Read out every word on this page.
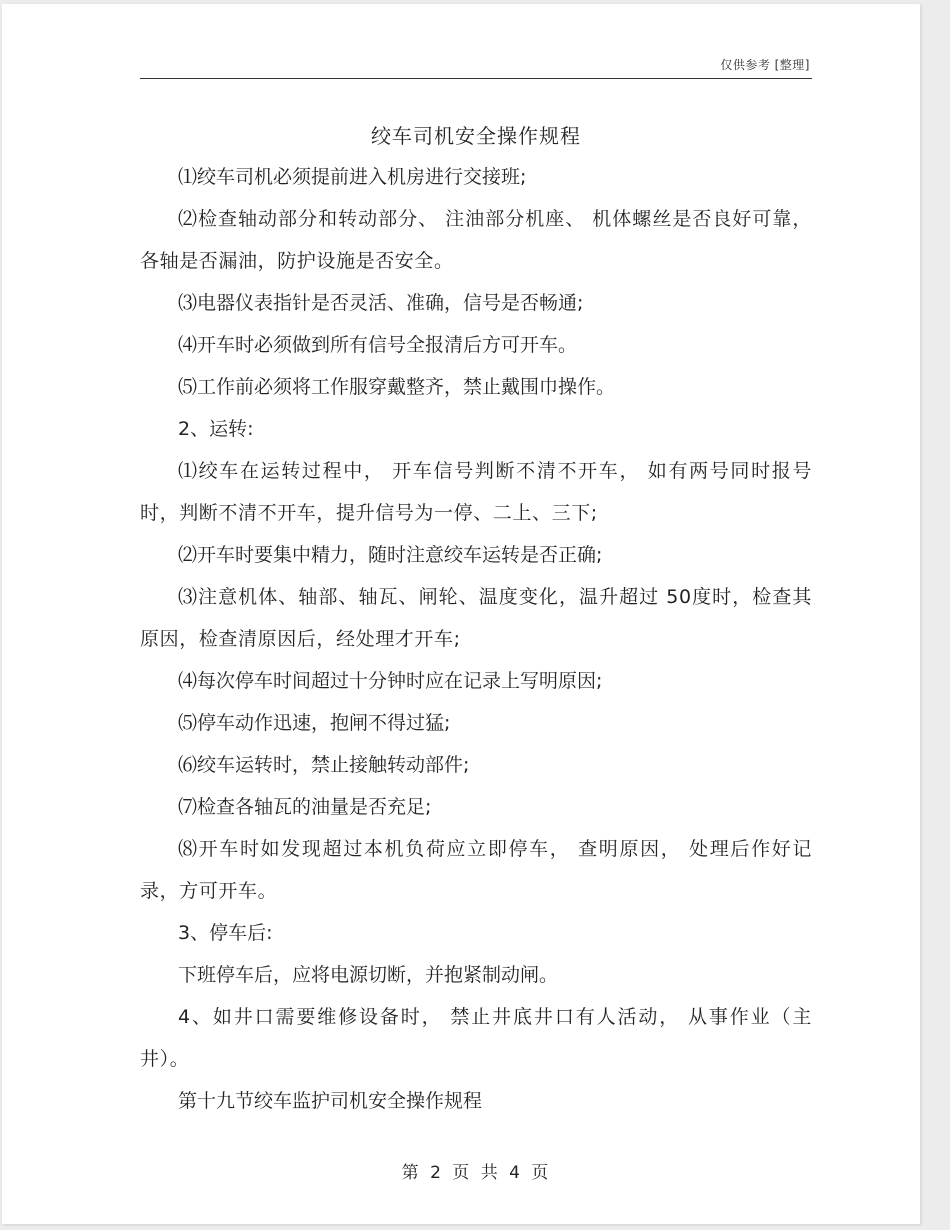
仅供参考 [整理]
绞车司机安全操作规程

⑴绞车司机必须提前进入机房进行交接班;

⑵检查轴动部分和转动部分、 注油部分机座、 机体螺丝是否良好可靠，各轴是否漏油，防护设施是否安全。

⑶电器仪表指针是否灵活、准确，信号是否畅通;

⑷开车时必须做到所有信号全报清后方可开车。

⑸工作前必须将工作服穿戴整齐，禁止戴围巾操作。

2、运转:

⑴绞车在运转过程中， 开车信号判断不清不开车， 如有两号同时报号时，判断不清不开车，提升信号为一停、二上、三下;

⑵开车时要集中精力，随时注意绞车运转是否正确;

⑶注意机体、轴部、轴瓦、闸轮、温度变化，温升超过 50度时，检查其原因，检查清原因后，经处理才开车;

⑷每次停车时间超过十分钟时应在记录上写明原因;

⑸停车动作迅速，抱闸不得过猛;

⑹绞车运转时，禁止接触转动部件;

⑺检查各轴瓦的油量是否充足;

⑻开车时如发现超过本机负荷应立即停车， 查明原因， 处理后作好记录，方可开车。

3、停车后:

下班停车后，应将电源切断，并抱紧制动闸。

4、如井口需要维修设备时， 禁止井底井口有人活动， 从事作业（主井）。

第十九节绞车监护司机安全操作规程

第 2 页 共 4 页
